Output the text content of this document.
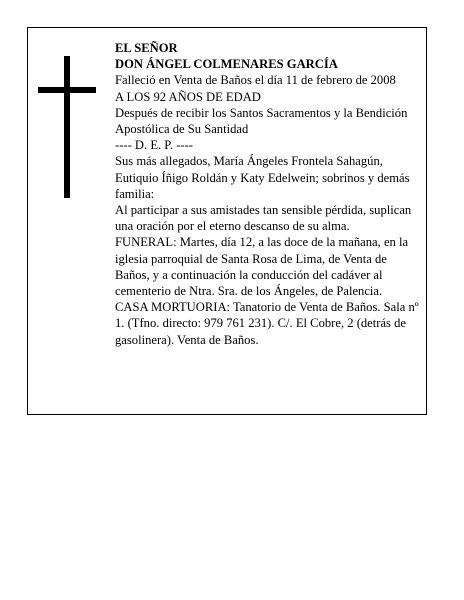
EL SEÑOR

DON ÁNGEL COLMENARES GARCÍA

Falleció en Venta de Baños el día 11 de febrero de 2008

A LOS 92 AÑOS DE EDAD

Después de recibir los Santos Sacramentos y la Bendición Apostólica de Su Santidad

---- D. E. P. ----

Sus más allegados, María Ángeles Frontela Sahagún, Eutiquio Íñigo Roldán y Katy Edelwein; sobrinos y demás familia:

Al participar a sus amistades tan sensible pérdida, suplican una oración por el eterno descanso de su alma.

FUNERAL: Martes, día 12, a las doce de la mañana, en la iglesia parroquial de Santa Rosa de Lima, de Venta de Baños, y a continuación la conducción del cadáver al cementerio de Ntra. Sra. de los Ángeles, de Palencia.

CASA MORTUORIA: Tanatorio de Venta de Baños. Sala nº 1. (Tfno. directo: 979 761 231). C/. El Cobre, 2 (detrás de gasolinera). Venta de Baños.
